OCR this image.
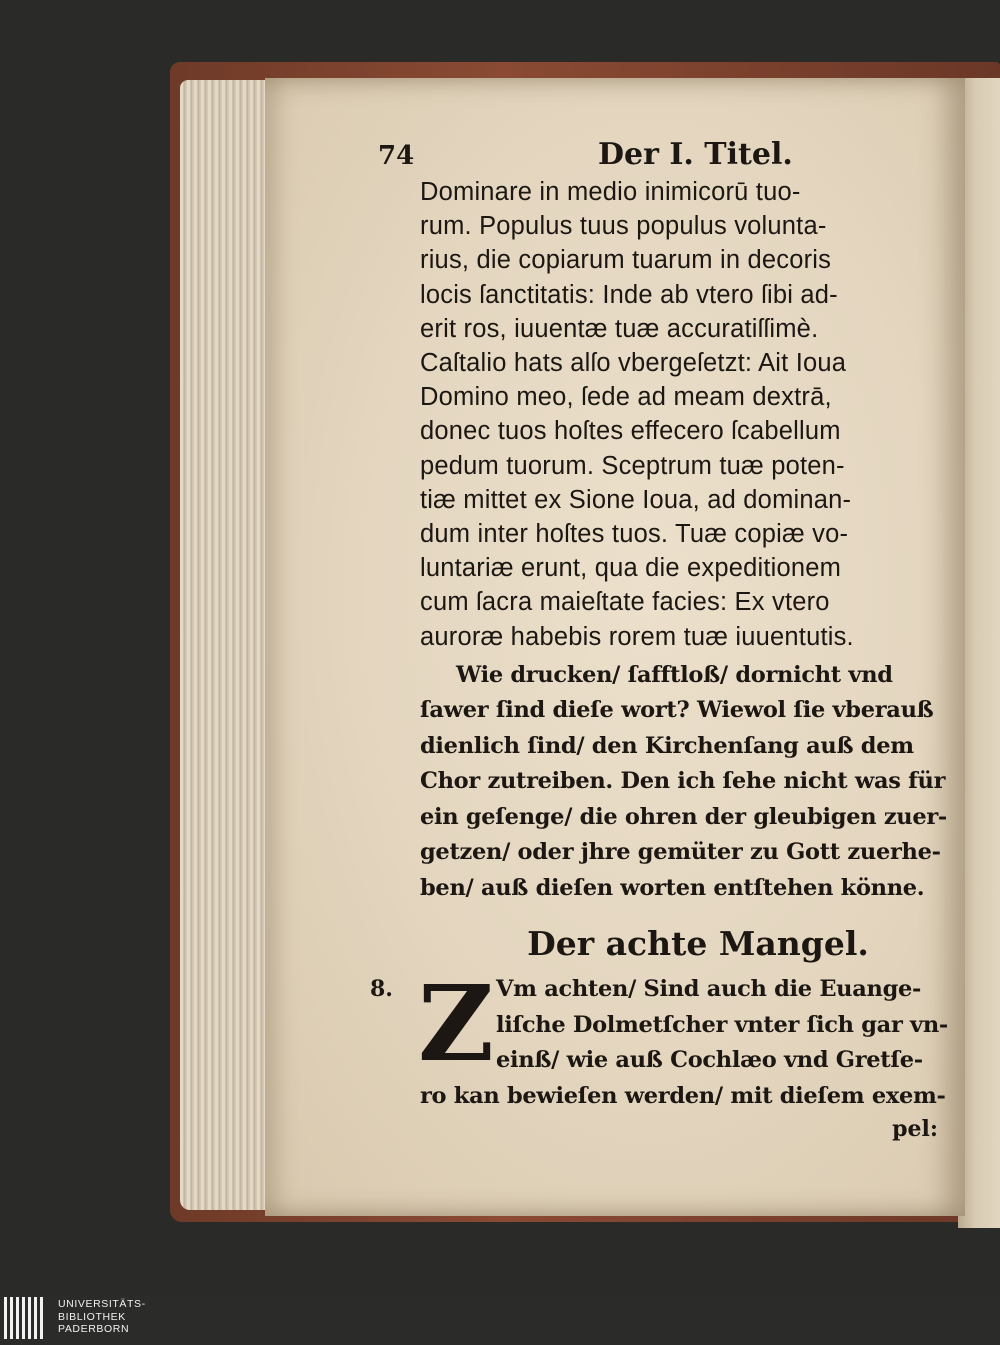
74	Der I. Titel.

Dominare in medio inimicorū tuo-

rum. Populus tuus populus volunta-

rius, die copiarum tuarum in decoris

locis ſanctitatis: Inde ab vtero ſibi ad-

erit ros, iuuentæ tuæ accuratiſſimè.

Caſtalio hats alſo vbergeſetzt: Ait Ioua

Domino meo, ſede ad meam dextrā,

donec tuos hoſtes effecero ſcabellum

pedum tuorum. Sceptrum tuæ poten-

tiæ mittet ex Sione Ioua, ad dominan-

dum inter hoſtes tuos. Tuæ copiæ vo-

luntariæ erunt, qua die expeditionem

cum ſacra maieſtate facies: Ex vtero

auroræ habebis rorem tuæ iuuentutis.

Wie drucken/ ſafftloß/ dornicht vnd

ſawer ſind dieſe wort? Wiewol ſie vberauß

dienlich ſind/ den Kirchenſang auß dem

Chor zutreiben. Den ich ſehe nicht was für

ein geſenge/ die ohren der gleubigen zuer-

getzen/ oder jhre gemüter zu Gott zuerhe-

ben/ auß dieſen worten entſtehen könne.

Der achte Mangel.
8. Z Vm achten/ Sind auch die Euange-

liſche Dolmetſcher vnter ſich gar vn-

einß/ wie auß Cochlæo vnd Gretſe-

ro kan bewieſen werden/ mit dieſem exem-

pel:

UNIVERSITÄTS-
BIBLIOTHEK
PADERBORN
